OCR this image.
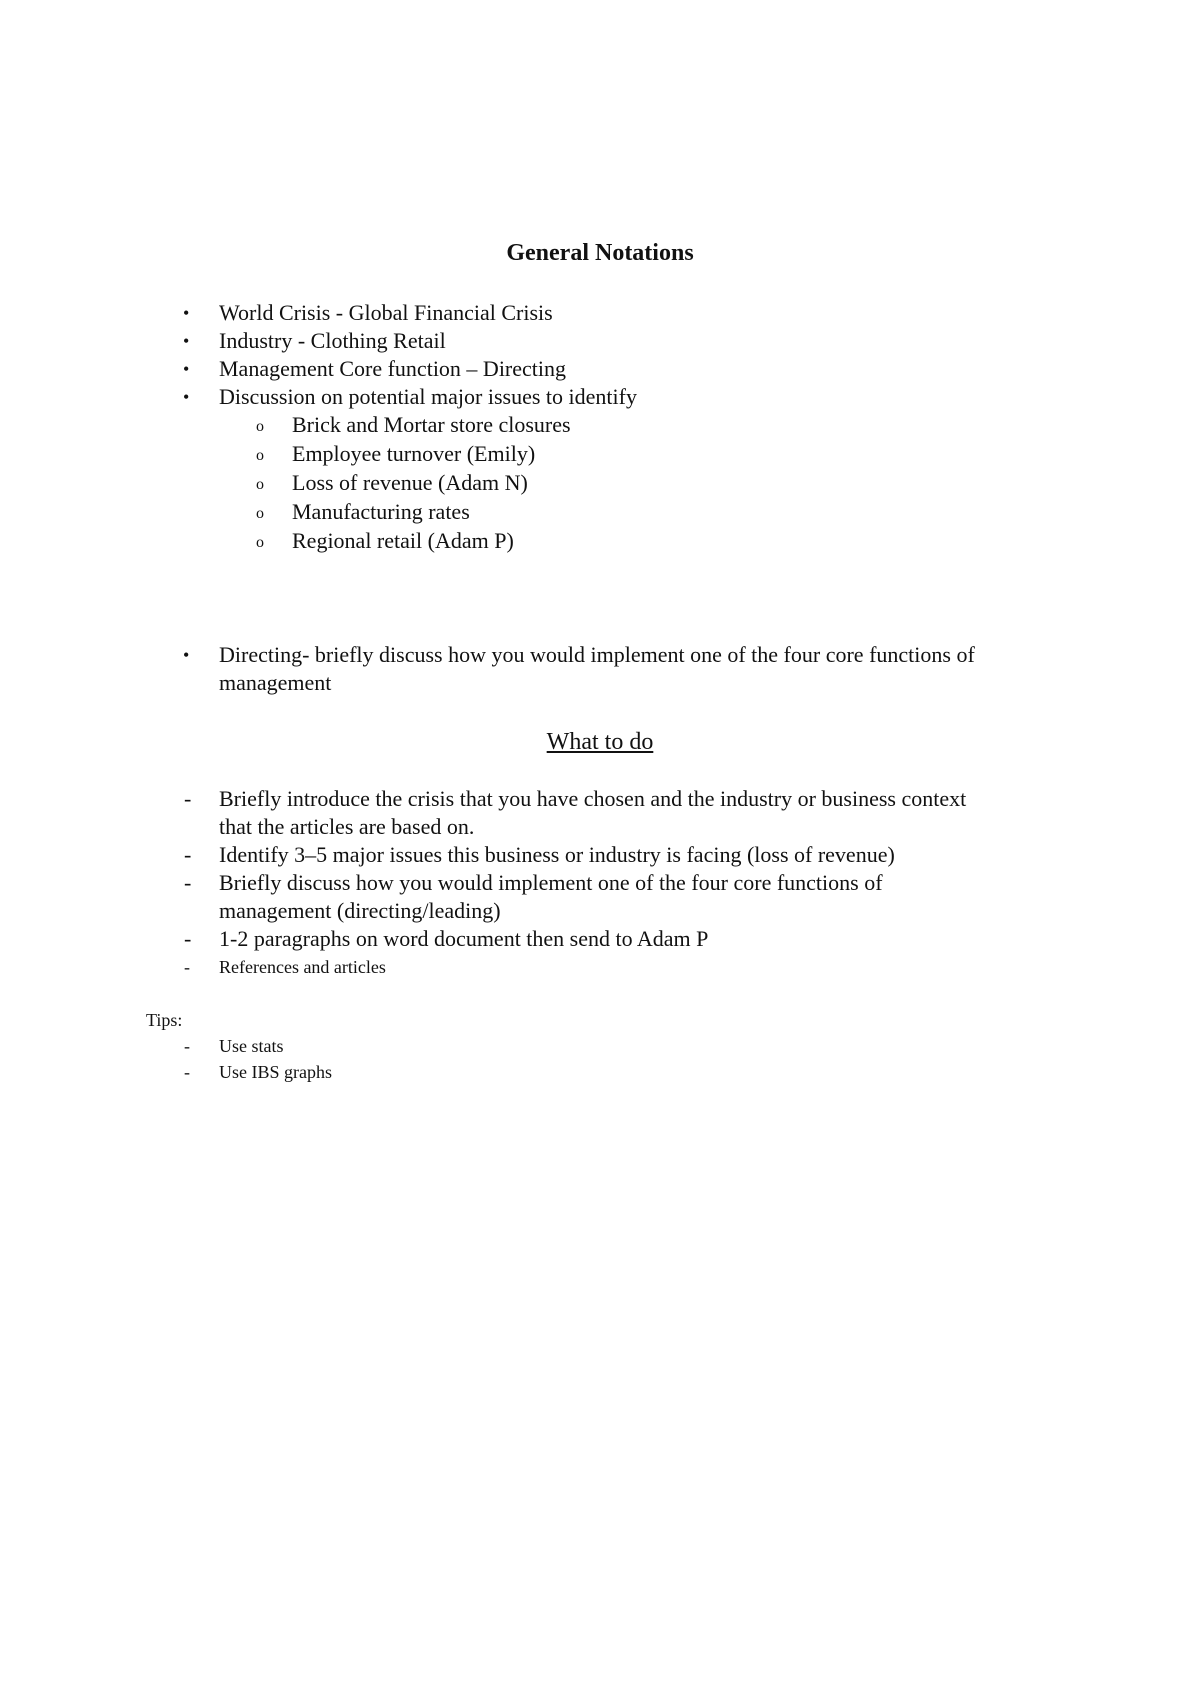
General Notations
• World Crisis - Global Financial Crisis
• Industry - Clothing Retail
• Management Core function – Directing
• Discussion on potential major issues to identify
o Brick and Mortar store closures
o Employee turnover (Emily)
o Loss of revenue (Adam N)
o Manufacturing rates
o Regional retail (Adam P)
• Directing- briefly discuss how you would implement one of the four core functions of
management
What to do
- Briefly introduce the crisis that you have chosen and the industry or business context
that the articles are based on.
- Identify 3–5 major issues this business or industry is facing (loss of revenue)
- Briefly discuss how you would implement one of the four core functions of
management (directing/leading)
- 1-2 paragraphs on word document then send to Adam P
- References and articles
Tips:
- Use stats
- Use IBS graphs
